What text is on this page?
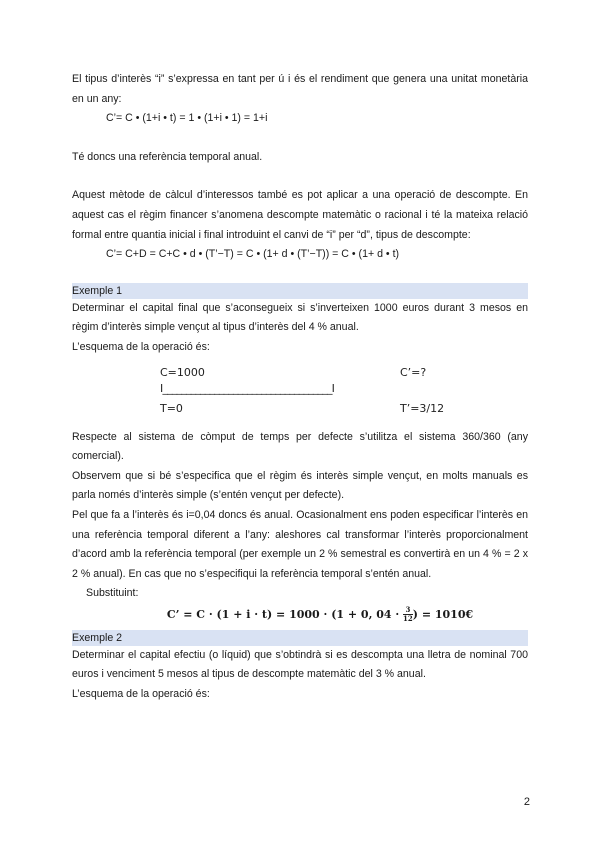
El tipus d’interès “i” s’expressa en tant per ú i és el rendiment que genera una unitat monetària en un any:

C’= C • (1+i • t) = 1 • (1+i • 1) = 1+i

Té doncs una referència temporal anual.

Aquest mètode de càlcul d’interessos també es pot aplicar a una operació de descompte. En aquest cas el règim financer s’anomena descompte matemàtic o racional i té la mateixa relació formal entre quantia inicial i final introduint el canvi de “i” per “d”, tipus de descompte:

C’= C+D = C+C • d • (T’−T) = C • (1+ d • (T’−T)) = C • (1+ d • t)

Exemple 1

Determinar el capital final que s’aconsegueix si s’inverteixen 1000 euros durant 3 mesos en règim d’interès simple vençut al tipus d’interès del 4 % anual.

L’esquema de la operació és:

C=1000	C’=?
I____________________________________I
T=0	T’=3/12

Respecte al sistema de còmput de temps per defecte s’utilitza el sistema 360/360 (any comercial).

Observem que si bé s’especifica que el règim és interès simple vençut, en molts manuals es parla només d’interès simple (s’entén vençut per defecte).

Pel que fa a l’interès és i=0,04 doncs és anual. Ocasionalment ens poden especificar l’interès en una referència temporal diferent a l’any: aleshores cal transformar l’interès proporcionalment d’acord amb la referència temporal (per exemple un 2 % semestral es convertirà en un 4 % = 2 x 2 % anual). En cas que no s’especifiqui la referència temporal s’entén anual.

Substituint:

C’ = C · (1 + i · t) = 1000 · (1 + 0, $04 \cdot \frac{3}{12}$ ) = 1010€

Exemple 2

Determinar el capital efectiu (o líquid) que s’obtindrà si es descompta una lletra de nominal 700 euros i venciment 5 mesos al tipus de descompte matemàtic del 3 % anual.

L’esquema de la operació és:

2
